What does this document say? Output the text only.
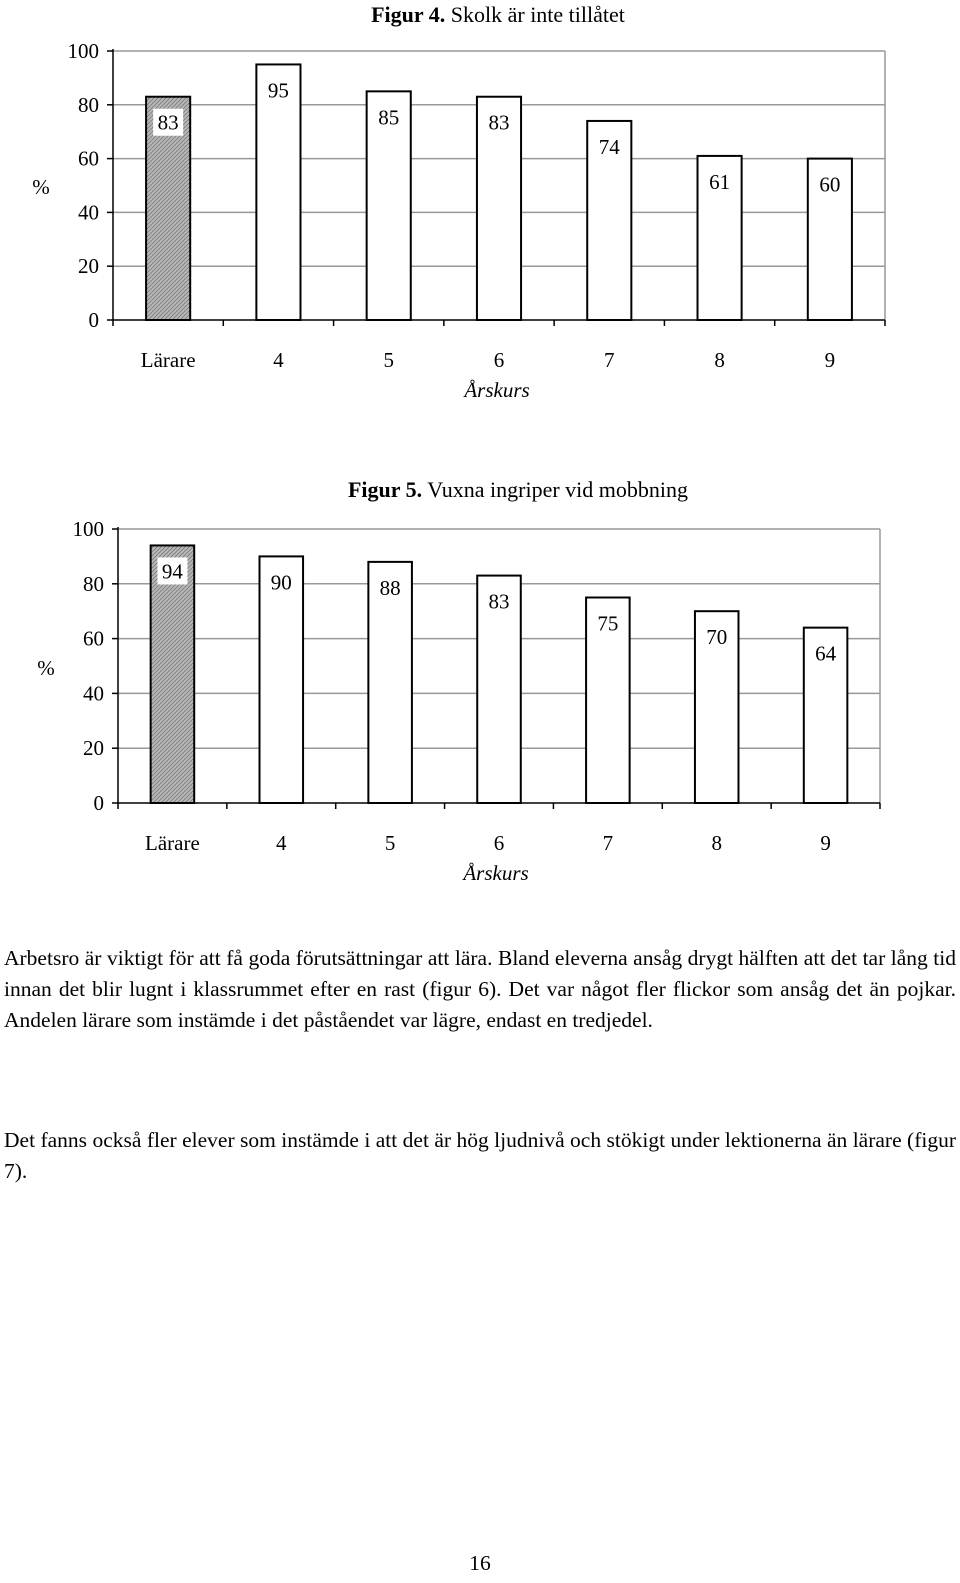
Figur 4. Skolk är inte tillåtet
0
20
40
60
80
100
%
83
Lärare
95
4
85
5
83
6
74
7
61
8
60
9
Årskurs
Figur 5. Vuxna ingriper vid mobbning
0
20
40
60
80
100
%
94
Lärare
90
4
88
5
83
6
75
7
70
8
64
9
Årskurs

Arbetsro är viktigt för att få goda förutsättningar att lära. Bland eleverna ansåg drygt hälften att det tar lång tid innan det blir lugnt i klassrummet efter en rast (figur 6). Det var något fler flickor som ansåg det än pojkar. Andelen lärare som instämde i det påståendet var lägre, endast en tredjedel.

Det fanns också fler elever som instämde i att det är hög ljudnivå och stökigt under lektionerna än lärare (figur 7).

16
